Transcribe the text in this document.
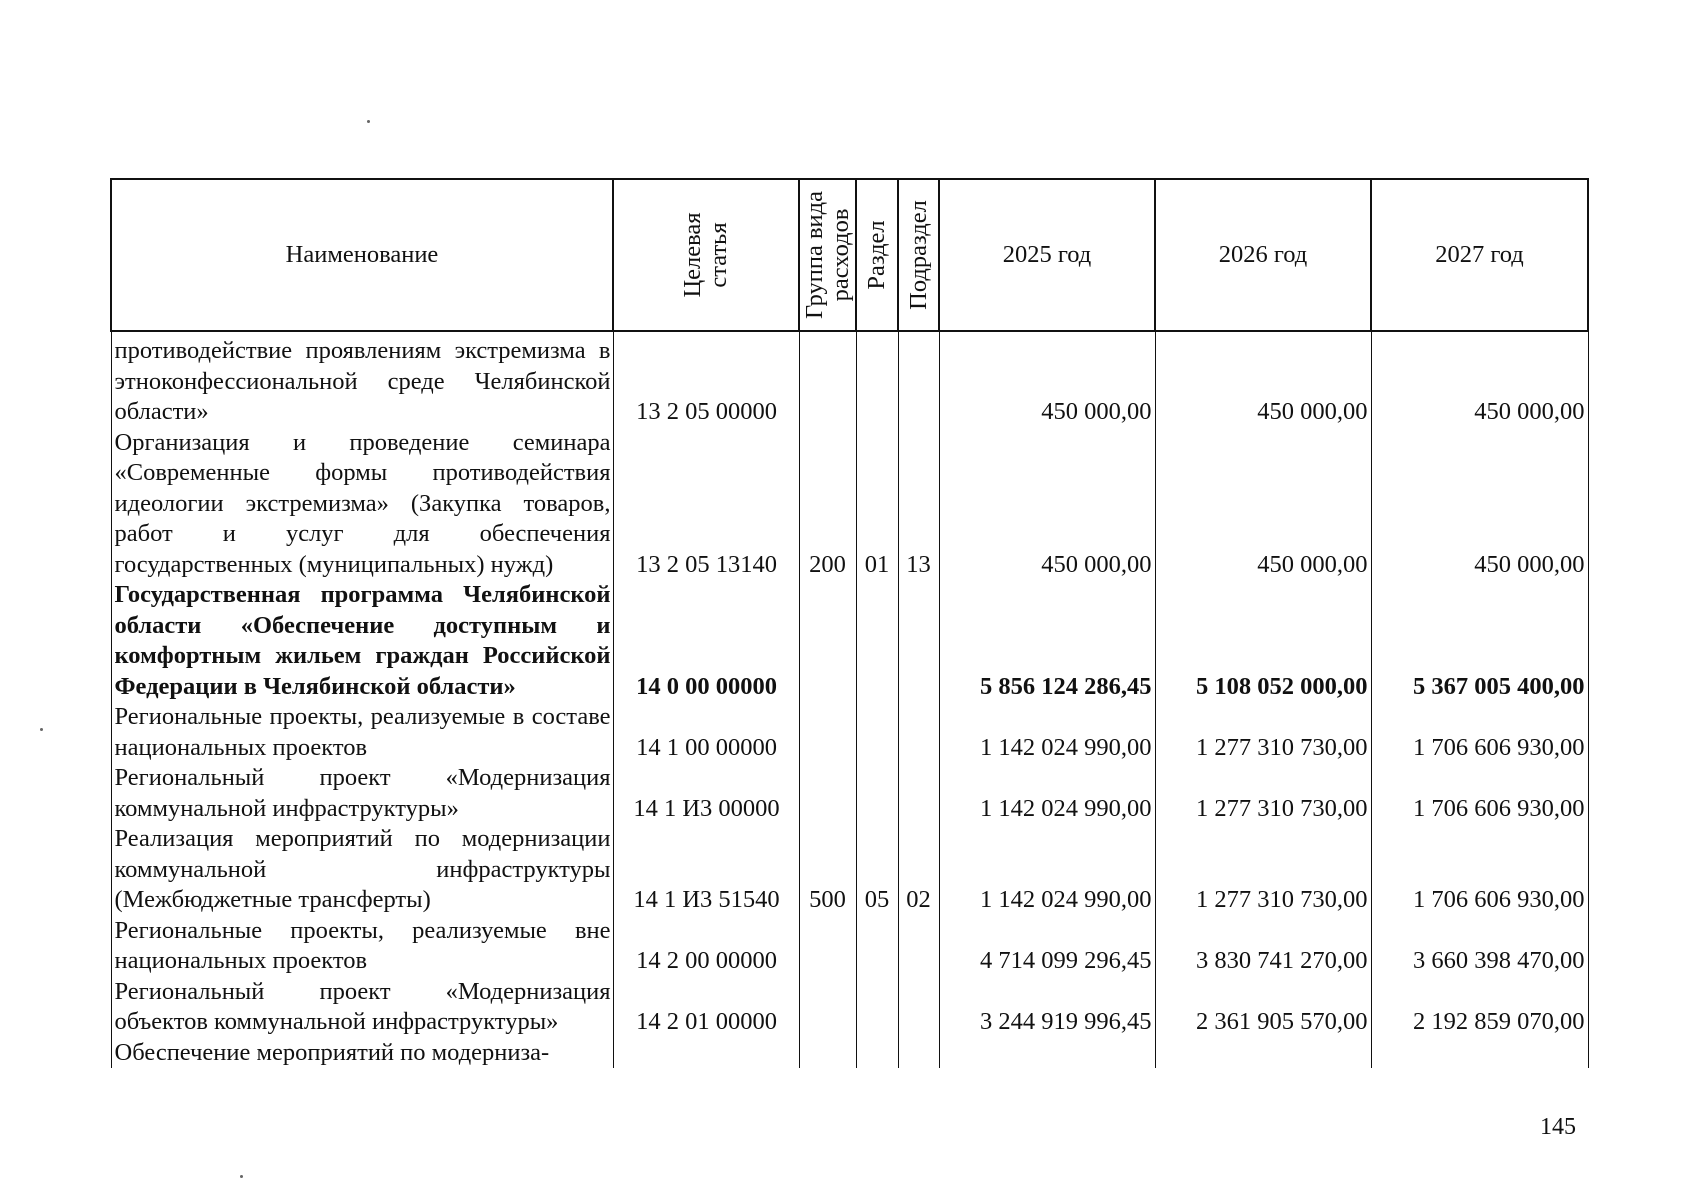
Наименование	Целевая статья	Группа вида расходов	Раздел	Подраздел	2025 год	2026 год	2027 год
противодействие проявлениям экстремизма в этноконфессиональной среде Челябинской области»	13 2 05 00000				450 000,00	450 000,00	450 000,00
Организация и проведение семинара «Современные формы противодействия идеологии экстремизма» (Закупка товаров, работ и услуг для обеспечения государственных (муниципальных) нужд)	13 2 05 13140	200	01	13	450 000,00	450 000,00	450 000,00
Государственная программа Челябинской области «Обеспечение доступным и комфортным жильем граждан Российской Федерации в Челябинской области»	14 0 00 00000				5 856 124 286,45	5 108 052 000,00	5 367 005 400,00
Региональные проекты, реализуемые в составе национальных проектов	14 1 00 00000				1 142 024 990,00	1 277 310 730,00	1 706 606 930,00
Региональный проект «Модернизация коммунальной инфраструктуры»	14 1 И3 00000				1 142 024 990,00	1 277 310 730,00	1 706 606 930,00
Реализация мероприятий по модернизации коммунальной инфраструктуры (Межбюджетные трансферты)	14 1 И3 51540	500	05	02	1 142 024 990,00	1 277 310 730,00	1 706 606 930,00
Региональные проекты, реализуемые вне национальных проектов	14 2 00 00000				4 714 099 296,45	3 830 741 270,00	3 660 398 470,00
Региональный проект «Модернизация объектов коммунальной инфраструктуры»	14 2 01 00000				3 244 919 996,45	2 361 905 570,00	2 192 859 070,00
Обеспечение мероприятий по модерниза-							
145
